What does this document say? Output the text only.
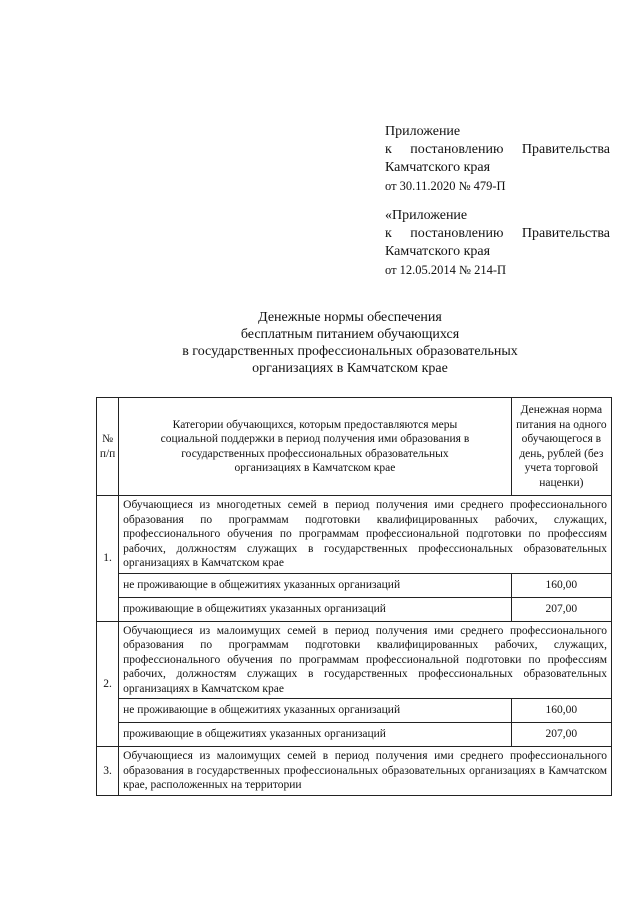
Приложение
к постановлению Правительства
Камчатского края
от 30.11.2020 № 479-П
«Приложение
к постановлению Правительства
Камчатского края
от 12.05.2014 № 214-П
Денежные нормы обеспечения
бесплатным питанием обучающихся
в государственных профессиональных образовательных
организациях в Камчатском крае
№ п/п	Категории обучающихся, которым предоставляются меры социальной поддержки в период получения ими образования в государственных профессиональных образовательных организациях в Камчатском крае	Денежная норма питания на одного обучающегося в день, рублей (без учета торговой наценки)
1.	Обучающиеся из многодетных семей в период получения ими среднего профессионального образования по программам подготовки квалифицированных рабочих, служащих, профессионального обучения по программам профессиональной подготовки по профессиям рабочих, должностям служащих в государственных профессиональных образовательных организациях в Камчатском крае	
	не проживающие в общежитиях указанных организаций	160,00
	проживающие в общежитиях указанных организаций	207,00
2.	Обучающиеся из малоимущих семей в период получения ими среднего профессионального образования по программам подготовки квалифицированных рабочих, служащих, профессионального обучения по программам профессиональной подготовки по профессиям рабочих, должностям служащих в государственных профессиональных образовательных организациях в Камчатском крае	
	не проживающие в общежитиях указанных организаций	160,00
	проживающие в общежитиях указанных организаций	207,00
3.	Обучающиеся из малоимущих семей в период получения ими среднего профессионального образования в государственных профессиональных образовательных организациях в Камчатском крае, расположенных на территории	
